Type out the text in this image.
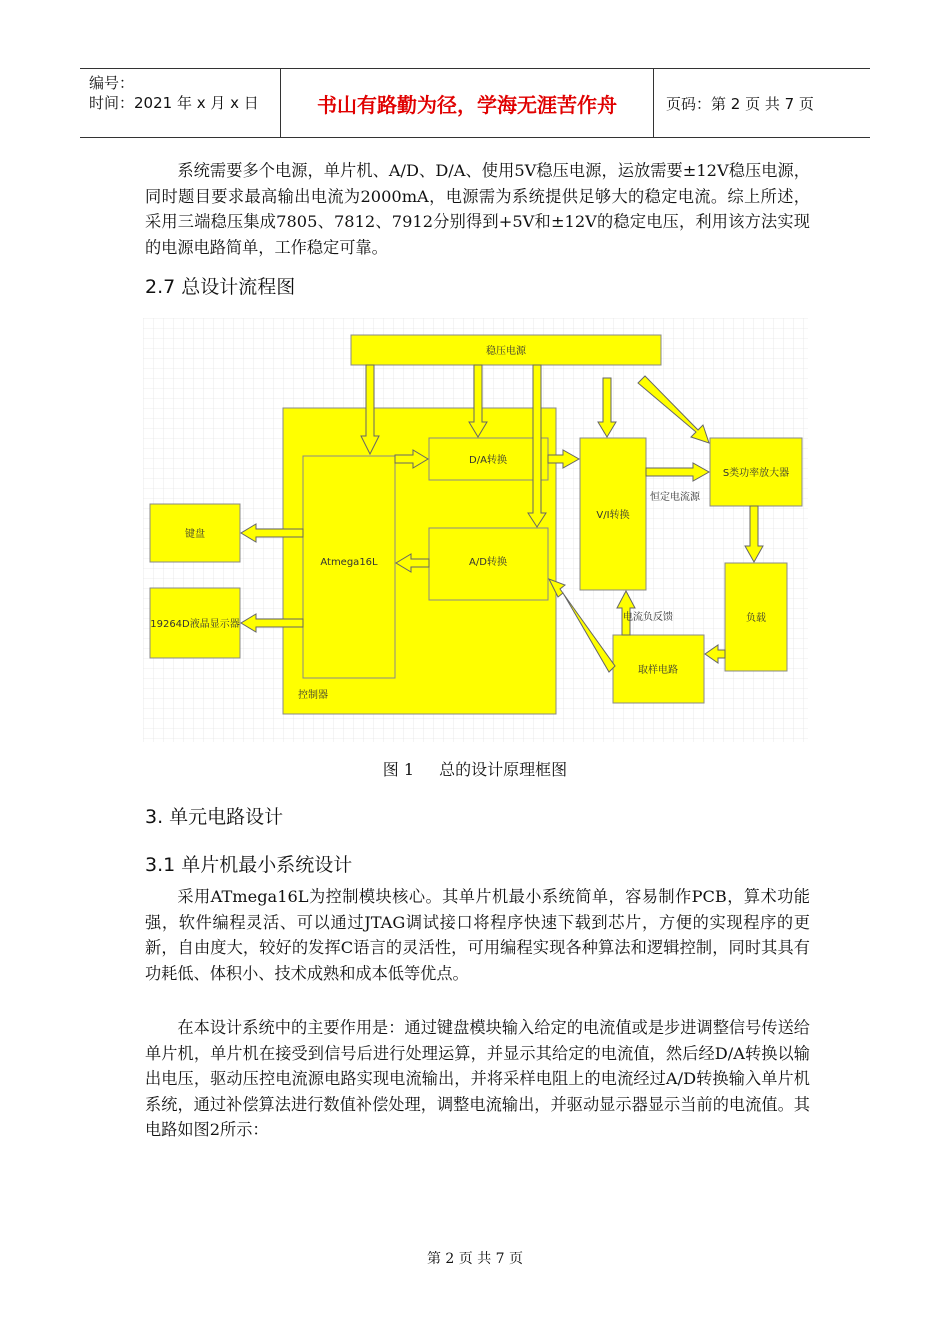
编号：
时间：2021 年 x 月 x 日	书山有路勤为径，学海无涯苦作舟	页码：第 2 页 共 7 页

系统需要多个电源，单片机、A/D、D/A、使用5V稳压电源，运放需要±12V稳压电源，同时题目要求最高输出电流为2000mA，电源需为系统提供足够大的稳定电流。综上所述，采用三端稳压集成7805、7812、7912分别得到+5V和±12V的稳定电压，利用该方法实现的电源电路简单，工作稳定可靠。

2.7 总设计流程图
稳压电源
控制器
Atmega16L
D/A转换
A/D转换
V/I转换
S类功率放大器
键盘
19264D液晶显示器
负载
取样电路
恒定电流源
电流负反馈
图 1 总的设计原理框图
3. 单元电路设计
3.1 单片机最小系统设计

采用ATmega16L为控制模块核心。其单片机最小系统简单，容易制作PCB，算术功能强，软件编程灵活、可以通过JTAG调试接口将程序快速下载到芯片，方便的实现程序的更新，自由度大，较好的发挥C语言的灵活性，可用编程实现各种算法和逻辑控制，同时其具有功耗低、体积小、技术成熟和成本低等优点。

在本设计系统中的主要作用是：通过键盘模块输入给定的电流值或是步进调整信号传送给单片机，单片机在接受到信号后进行处理运算，并显示其给定的电流值，然后经D/A转换以输出电压，驱动压控电流源电路实现电流输出，并将采样电阻上的电流经过A/D转换输入单片机系统，通过补偿算法进行数值补偿处理，调整电流输出，并驱动显示器显示当前的电流值。其电路如图2所示：

第 2 页 共 7 页
